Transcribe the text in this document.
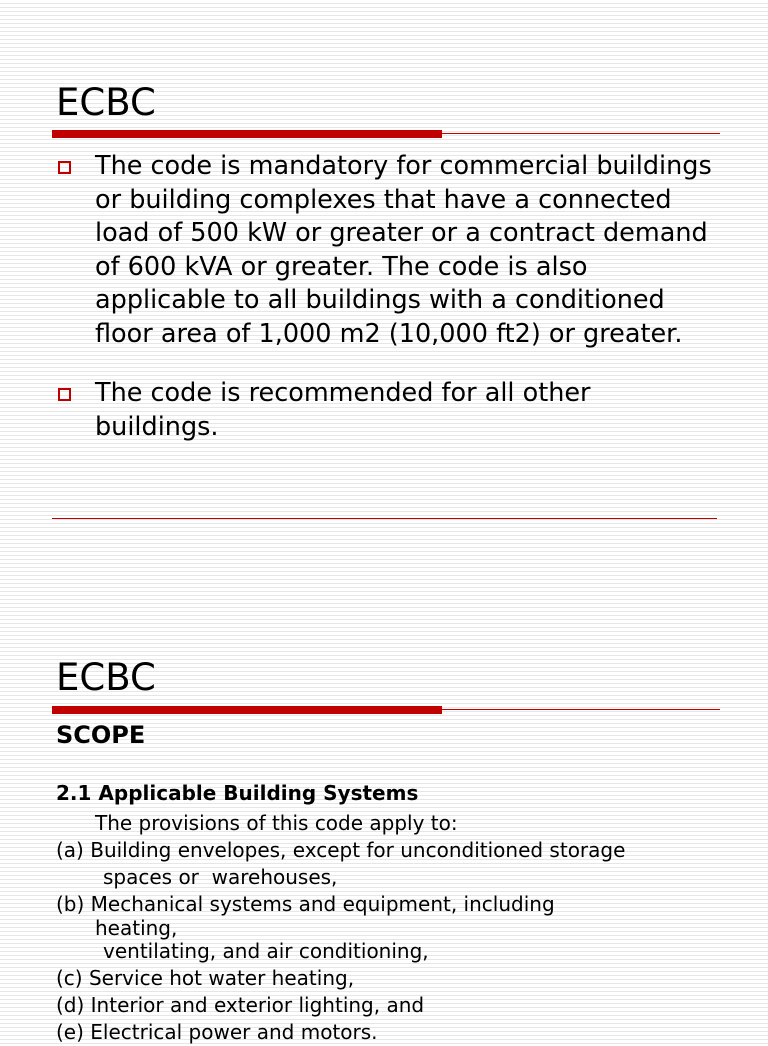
ECBC
The code is mandatory for commercial buildings or building complexes that have a connected load of 500 kW or greater or a contract demand of 600 kVA or greater. The code is also applicable to all buildings with a conditioned floor area of 1,000 m2 (10,000 ft2) or greater.
The code is recommended for all other buildings.
ECBC
SCOPE
2.1 Applicable Building Systems
The provisions of this code apply to:
(a) Building envelopes, except for unconditioned storage
spaces or  warehouses,
(b) Mechanical systems and equipment, including
heating,
ventilating, and air conditioning,
(c) Service hot water heating,
(d) Interior and exterior lighting, and
(e) Electrical power and motors.
